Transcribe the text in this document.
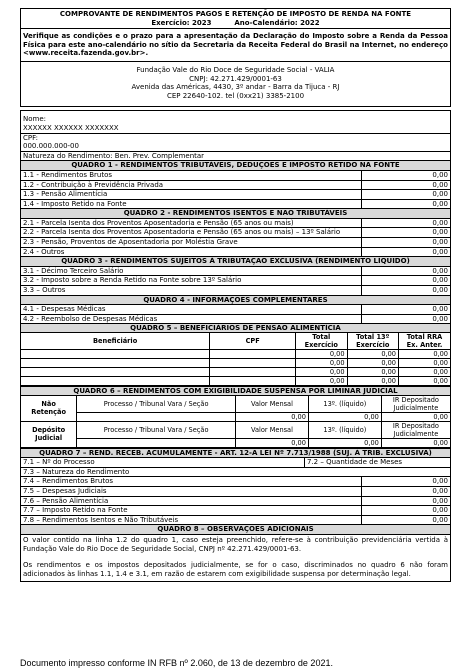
COMPROVANTE DE RENDIMENTOS PAGOS E RETENÇÃO DE IMPOSTO DE RENDA NA FONTE
Exercício: 2023	Ano-Calendário: 2022
Verifique as condições e o prazo para a apresentação da Declaração do Imposto sobre a Renda da Pessoa Física para este ano-calendário no sítio da Secretaria da Receita Federal do Brasil na Internet, no endereço <www.receita.fazenda.gov.br>.
Fundação Vale do Rio Doce de Seguridade Social - VALIA
CNPJ: 42.271.429/0001-63
Avenida das Américas, 4430, 3º andar - Barra da Tijuca - RJ
CEP 22640-102. tel (0xx21) 3385-2100
Nome:
XXXXXX XXXXXX XXXXXXX
CPF:
000.000.000-00
Natureza do Rendimento: Ben. Prev. Complementar
QUADRO 1 - RENDIMENTOS TRIBUTÁVEIS, DEDUÇÕES E IMPOSTO RETIDO NA FONTE
1.1 - Rendimentos Brutos	0,00
1.2 - Contribuição à Previdência Privada	0,00
1.3 - Pensão Alimentícia	0,00
1.4 - Imposto Retido na Fonte	0,00
QUADRO 2 - RENDIMENTOS ISENTOS E NÃO TRIBUTÁVEIS
2.1 - Parcela Isenta dos Proventos Aposentadoria e Pensão (65 anos ou mais)	0,00
2.2 - Parcela Isenta dos Proventos Aposentadoria e Pensão (65 anos ou mais) – 13º Salário	0,00
2.3 - Pensão, Proventos de Aposentadoria por Moléstia Grave	0,00
2.4 - Outros	0,00
QUADRO 3 - RENDIMENTOS SUJEITOS À TRIBUTAÇÃO EXCLUSIVA (RENDIMENTO LÍQUIDO)
3.1 - Décimo Terceiro Salário	0,00
3.2 - Imposto sobre a Renda Retido na Fonte sobre 13º Salário	0,00
3.3 – Outros	0,00
QUADRO 4 - INFORMAÇÕES COMPLEMENTARES
4.1 - Despesas Médicas	0,00
4.2 - Reembolso de Despesas Médicas	0,00
QUADRO 5 – BENEFICIÁRIOS DE PENSÃO ALIMENTÍCIA
Beneficiário	CPF	Total Exercício	Total 13º Exercício	Total RRA Ex. Anter.
		0,00	0,00	0,00
		0,00	0,00	0,00
		0,00	0,00	0,00
		0,00	0,00	0,00
QUADRO 6 – RENDIMENTOS COM EXIGIBILIDADE SUSPENSA POR LIMINAR JUDICIAL
Não Retenção	Processo / Tribunal Vara / Seção	Valor Mensal	13º. (líquido)	IR Depositado Judicialmente
		0,00	0,00	0,00
Depósito Judicial	Processo / Tribunal Vara / Seção	Valor Mensal	13º. (líquido)	IR Depositado Judicialmente
		0,00	0,00	0,00
QUADRO 7 – REND. RECEB. ACUMULAMENTE - ART. 12-A LEI Nº 7.713/1988 (SUJ. À TRIB. EXCLUSIVA)
7.1 – Nº do Processo	7.2 – Quantidade de Meses
7.3 – Natureza do Rendimento
7.4 – Rendimentos Brutos	0,00
7.5 – Despesas Judiciais	0,00
7.6 – Pensão Alimentícia	0,00
7.7 – Imposto Retido na Fonte	0,00
7.8 – Rendimentos Isentos e Não Tributáveis	0,00
QUADRO 8 – OBSERVAÇÕES ADICIONAIS
O valor contido na linha 1.2 do quadro 1, caso esteja preenchido, refere-se à contribuição previdenciária vertida à Fundação Vale do Rio Doce de Seguridade Social, CNPJ nº 42.271.429/0001-63.
Os rendimentos e os impostos depositados judicialmente, se for o caso, discriminados no quadro 6 não foram adicionados às linhas 1.1, 1.4 e 3.1, em razão de estarem com exigibilidade suspensa por determinação legal.
Documento impresso conforme IN RFB nº 2.060, de 13 de dezembro de 2021.
